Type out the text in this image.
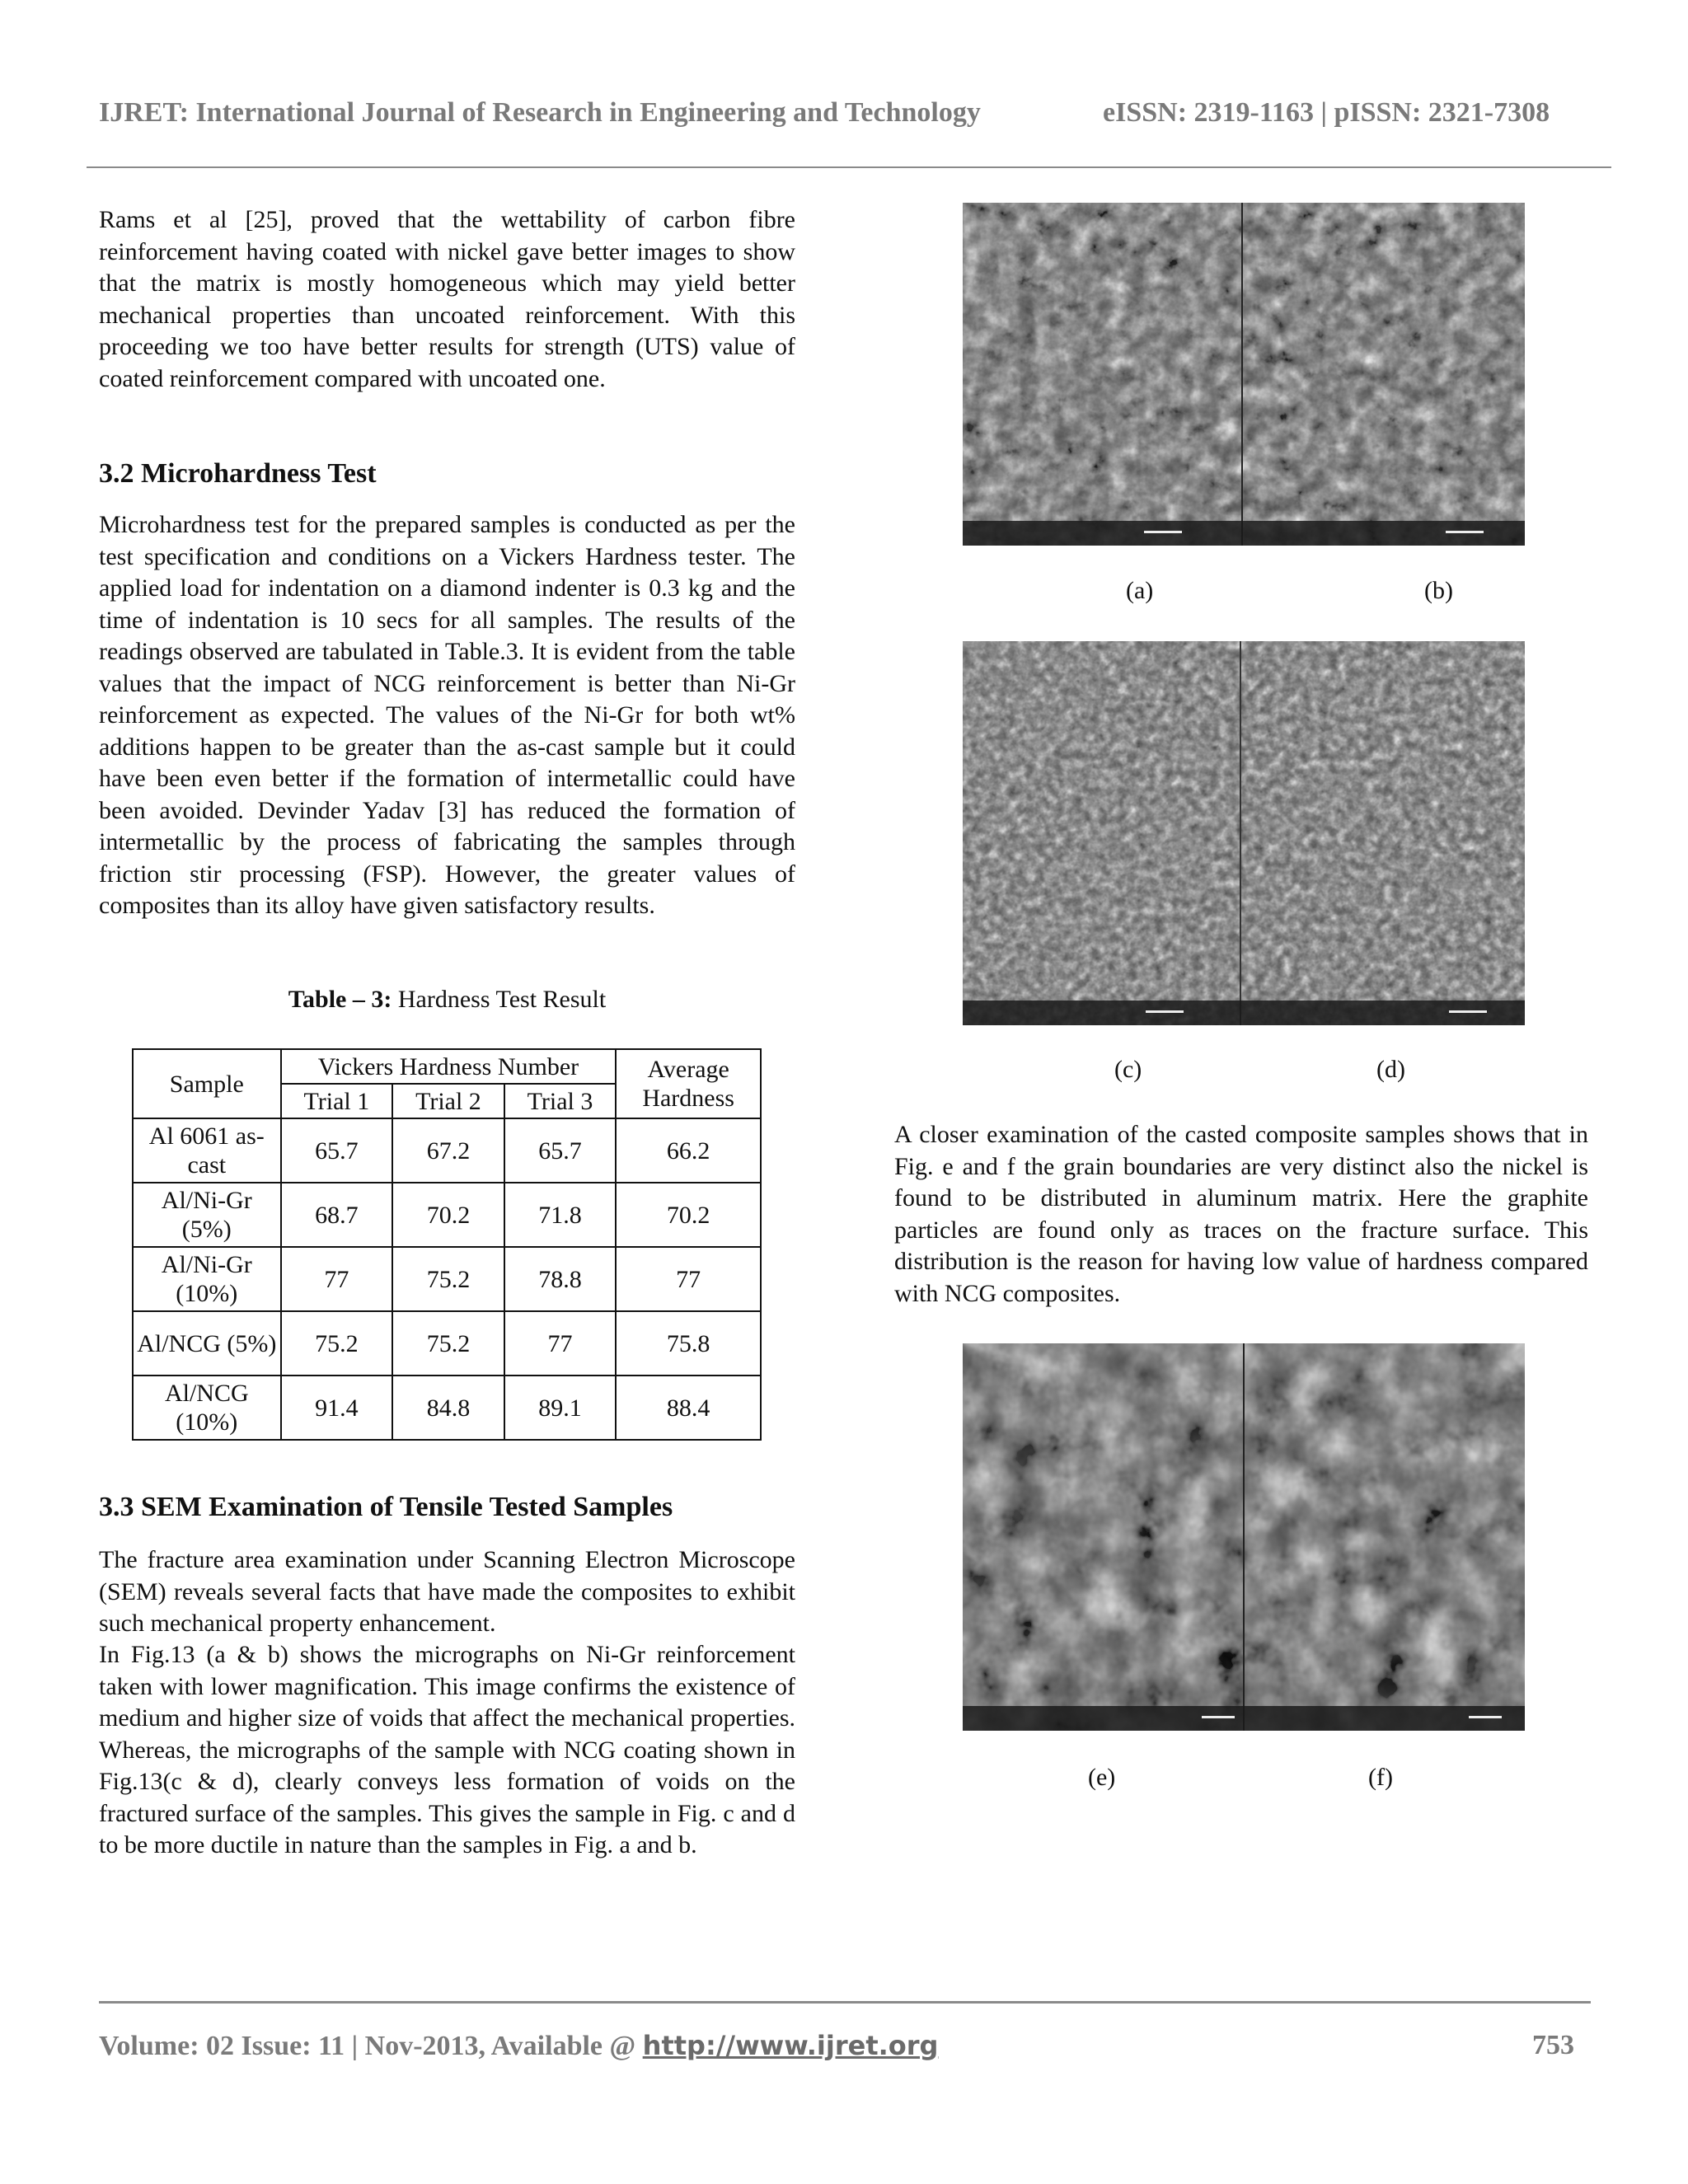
IJRET: International Journal of Research in Engineering and Technology	eISSN: 2319-1163 | pISSN: 2321-7308

Rams et al [25], proved that the wettability of carbon fibre reinforcement having coated with nickel gave better images to show that the matrix is mostly homogeneous which may yield better mechanical properties than uncoated reinforcement. With this proceeding we too have better results for strength (UTS) value of coated reinforcement compared with uncoated one.

3.2 Microhardness Test

Microhardness test for the prepared samples is conducted as per the test specification and conditions on a Vickers Hardness tester. The applied load for indentation on a diamond indenter is 0.3 kg and the time of indentation is 10 secs for all samples. The results of the readings observed are tabulated in Table.3. It is evident from the table values that the impact of NCG reinforcement is better than Ni-Gr reinforcement as expected. The values of the Ni-Gr for both wt% additions happen to be greater than the as-cast sample but it could have been even better if the formation of intermetallic could have been avoided. Devinder Yadav [3] has reduced the formation of intermetallic by the process of fabricating the samples through friction stir processing (FSP). However, the greater values of composites than its alloy have given satisfactory results.

Table – 3: Hardness Test Result
Sample	Vickers Hardness Number			Average Hardness
	Trial 1	Trial 2	Trial 3	
Al 6061 as-cast	65.7	67.2	65.7	66.2
Al/Ni-Gr (5%)	68.7	70.2	71.8	70.2
Al/Ni-Gr (10%)	77	75.2	78.8	77
Al/NCG (5%)	75.2	75.2	77	75.8
Al/NCG (10%)	91.4	84.8	89.1	88.4
3.3 SEM Examination of Tensile Tested Samples

The fracture area examination under Scanning Electron Microscope (SEM) reveals several facts that have made the composites to exhibit such mechanical property enhancement.

In Fig.13 (a & b) shows the micrographs on Ni-Gr reinforcement taken with lower magnification. This image confirms the existence of medium and higher size of voids that affect the mechanical properties. Whereas, the micrographs of the sample with NCG coating shown in Fig.13(c & d), clearly conveys less formation of voids on the fractured surface of the samples. This gives the sample in Fig. c and d to be more ductile in nature than the samples in Fig. a and b.

(a)	(b)
(c)	(d)

A closer examination of the casted composite samples shows that in Fig. e and f the grain boundaries are very distinct also the nickel is found to be distributed in aluminum matrix. Here the graphite particles are found only as traces on the fracture surface. This distribution is the reason for having low value of hardness compared with NCG composites.

(e)	(f)
Volume: 02 Issue: 11 | Nov-2013, Available @ http://www.ijret.org	753
